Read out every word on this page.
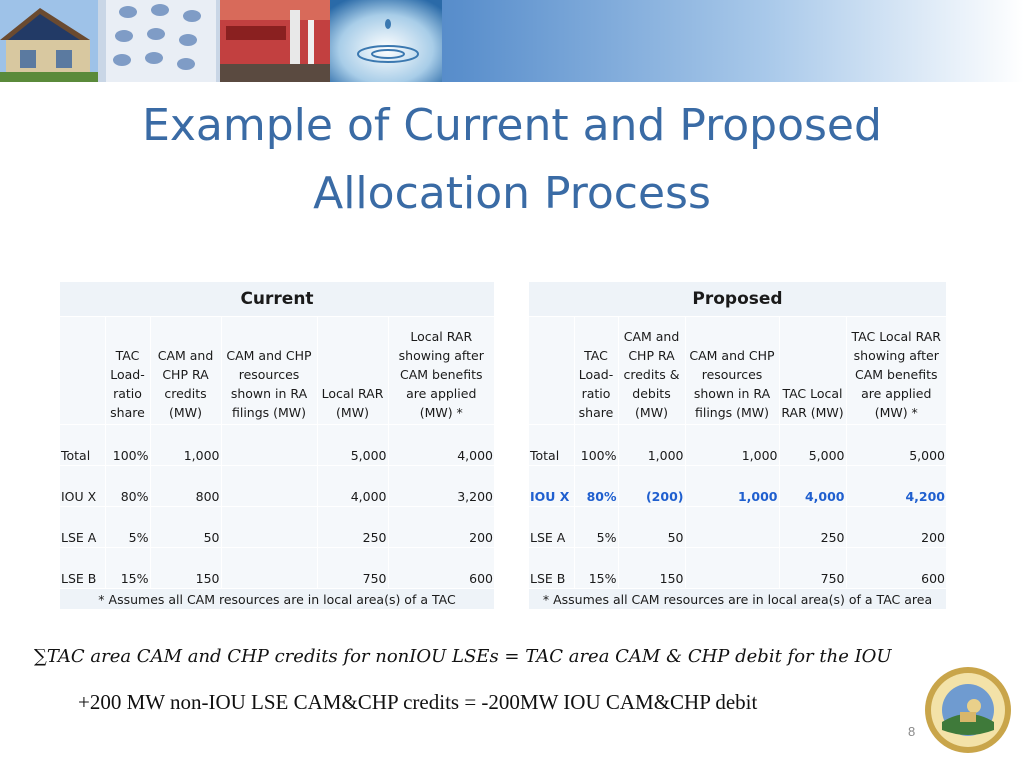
Example of Current and Proposed Allocation Process
Current					
	TAC Load-ratio share	CAM and CHP RA credits (MW)	CAM and CHP resources shown in RA filings (MW)	Local RAR (MW)	Local RAR showing after CAM benefits are applied (MW) *
Total	100%	1,000		5,000	4,000
IOU X	80%	800		4,000	3,200
LSE A	5%	50		250	200
LSE B	15%	150		750	600
* Assumes all CAM resources are in local area(s) of a TAC					
Proposed					
	TAC Load-ratio share	CAM and CHP RA credits & debits (MW)	CAM and CHP resources shown in RA filings (MW)	TAC Local RAR (MW)	TAC Local RAR showing after CAM benefits are applied (MW) *
Total	100%	1,000	1,000	5,000	5,000
IOU X	80%	(200)	1,000	4,000	4,200
LSE A	5%	50		250	200
LSE B	15%	150		750	600
* Assumes all CAM resources are in local area(s) of a TAC area					
∑TAC area CAM and CHP credits for nonIOU LSEs = TAC area CAM & CHP debit for the IOU
+200 MW non-IOU LSE CAM&CHP credits = -200MW IOU CAM&CHP debit
8
